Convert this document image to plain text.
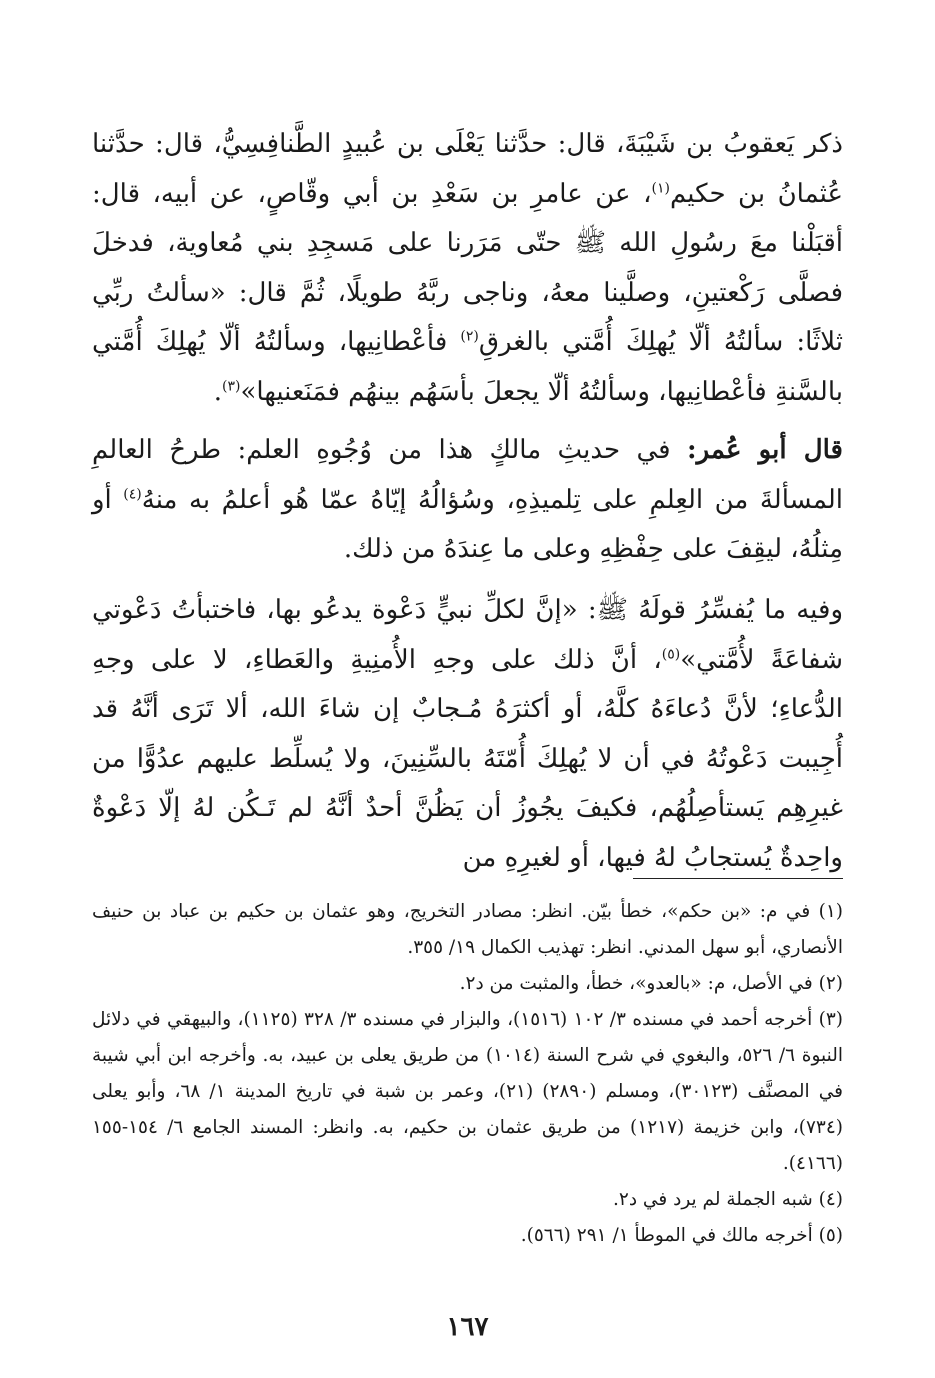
ذكر يَعقوبُ بن شَيْبَةَ، قال: حدَّثنا يَعْلَى بن عُبيدٍ الطَّنافِسِيُّ، قال: حدَّثنا عُثمانُ بن حكيم$^{(١)}$، عن عامرِ بن سَعْدِ بن أبي وقّاصٍ، عن أبيه، قال: أقبَلْنا معَ رسُولِ الله ﷺ حتّى مَرَرنا على مَسجِدِ بني مُعاوية، فدخلَ فصلَّى رَكْعتينِ، وصلَّينا معهُ، وناجى ربَّهُ طويلًا، ثُمَّ قال: «سألتُ ربِّي ثلاثًا: سألتُهُ ألّا يُهلِكَ أُمَّتي بالغرقِ$^{(٢)}$ فأعْطانِيها، وسألتُهُ ألّا يُهلِكَ أُمَّتي بالسَّنةِ فأعْطانِيها، وسألتُهُ ألّا يجعلَ بأسَهُم بينهُم فمَنَعنيها»$^{(٣)}$.

قال أبو عُمر: في حديثِ مالكٍ هذا من وُجُوهِ العلم: طرحُ العالمِ المسألةَ من العِلمِ على تِلميذِهِ، وسُؤالُهُ إيّاهُ عمّا هُو أعلمُ به منهُ$^{(٤)}$ أو مِثلُهُ، ليقِفَ على حِفْظِهِ وعلى ما عِندَهُ من ذلك.

وفيه ما يُفسِّرُ قولَهُ ﷺ: «إنَّ لكلِّ نبيٍّ دَعْوة يدعُو بها، فاختبأتُ دَعْوتي شفاعَةً لأُمَّتي»$^{(٥)}$، أنَّ ذلك على وجهِ الأُمنِيةِ والعَطاءِ، لا على وجهِ الدُّعاءِ؛ لأنَّ دُعاءَهُ كلَّهُ، أو أكثرَهُ مُـجابٌ إن شاءَ الله، ألا تَرَى أنَّهُ قد أُجِيبت دَعْوتُهُ في أن لا يُهلِكَ أُمّتَهُ بالسِّنِينَ، ولا يُسلِّط عليهم عدُوًّا من غيرِهِم يَستأصِلُهُم، فكيفَ يجُوزُ أن يَظُنَّ أحدٌ أنَّهُ لم تَـكُن لهُ إلّا دَعْوةٌ واحِدةٌ يُستجابُ لهُ فيها، أو لغيرِهِ من

(١) في م: «بن حكم»، خطأ بيّن. انظر: مصادر التخريج، وهو عثمان بن حكيم بن عباد بن حنيف الأنصاري، أبو سهل المدني. انظر: تهذيب الكمال ١٩/ ٣٥٥.

(٢) في الأصل، م: «بالعدو»، خطأ، والمثبت من د٢.

(٣) أخرجه أحمد في مسنده ٣/ ١٠٢ (١٥١٦)، والبزار في مسنده ٣/ ٣٢٨ (١١٢٥)، والبيهقي في دلائل النبوة ٦/ ٥٢٦، والبغوي في شرح السنة (١٠١٤) من طريق يعلى بن عبيد، به. وأخرجه ابن أبي شيبة في المصنَّف (٣٠١٢٣)، ومسلم (٢٨٩٠) (٢١)، وعمر بن شبة في تاريخ المدينة ١/ ٦٨، وأبو يعلى (٧٣٤)، وابن خزيمة (١٢١٧) من طريق عثمان بن حكيم، به. وانظر: المسند الجامع ٦/ ١٥٤-١٥٥ (٤١٦٦).

(٤) شبه الجملة لم يرد في د٢.

(٥) أخرجه مالك في الموطأ ١/ ٢٩١ (٥٦٦).

١٦٧
